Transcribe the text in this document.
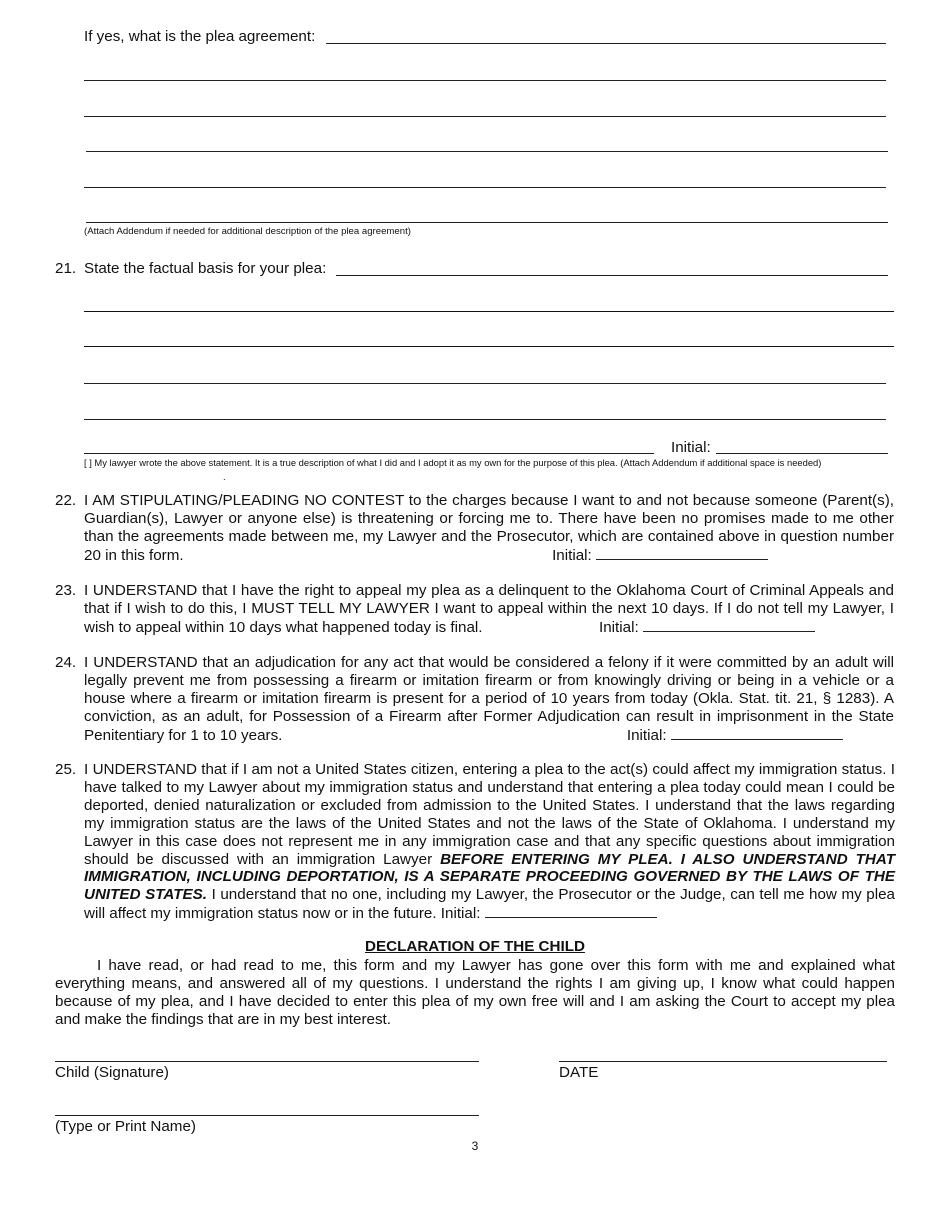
If yes, what is the plea agreement:
(Attach Addendum if needed for additional description of the plea agreement)
21. State the factual basis for your plea:
Initial:
[ ] My lawyer wrote the above statement. It is a true description of what I did and I adopt it as my own for the purpose of this plea. (Attach Addendum if additional space is needed)
.
22. I AM STIPULATING/PLEADING NO CONTEST to the charges because I want to and not because someone (Parent(s), Guardian(s), Lawyer or anyone else) is threatening or forcing me to. There have been no promises made to me other than the agreements made between me, my Lawyer and the Prosecutor, which are contained above in question number 20 in this form.	Initial:
23. I UNDERSTAND that I have the right to appeal my plea as a delinquent to the Oklahoma Court of Criminal Appeals and that if I wish to do this, I MUST TELL MY LAWYER I want to appeal within the next 10 days. If I do not tell my Lawyer, I wish to appeal within 10 days what happened today is final.	Initial:
24. I UNDERSTAND that an adjudication for any act that would be considered a felony if it were committed by an adult will legally prevent me from possessing a firearm or imitation firearm or from knowingly driving or being in a vehicle or a house where a firearm or imitation firearm is present for a period of 10 years from today (Okla. Stat. tit. 21, § 1283). A conviction, as an adult, for Possession of a Firearm after Former Adjudication can result in imprisonment in the State Penitentiary for 1 to 10 years.	Initial:
25. I UNDERSTAND that if I am not a United States citizen, entering a plea to the act(s) could affect my immigration status. I have talked to my Lawyer about my immigration status and understand that entering a plea today could mean I could be deported, denied naturalization or excluded from admission to the United States. I understand that the laws regarding my immigration status are the laws of the United States and not the laws of the State of Oklahoma. I understand my Lawyer in this case does not represent me in any immigration case and that any specific questions about immigration should be discussed with an immigration Lawyer BEFORE ENTERING MY PLEA. I ALSO UNDERSTAND THAT IMMIGRATION, INCLUDING DEPORTATION, IS A SEPARATE PROCEEDING GOVERNED BY THE LAWS OF THE UNITED STATES. I understand that no one, including my Lawyer, the Prosecutor or the Judge, can tell me how my plea will affect my immigration status now or in the future. Initial:
DECLARATION OF THE CHILD
I have read, or had read to me, this form and my Lawyer has gone over this form with me and explained what everything means, and answered all of my questions. I understand the rights I am giving up, I know what could happen because of my plea, and I have decided to enter this plea of my own free will and I am asking the Court to accept my plea and make the findings that are in my best interest.
Child (Signature)	DATE
(Type or Print Name)
3
